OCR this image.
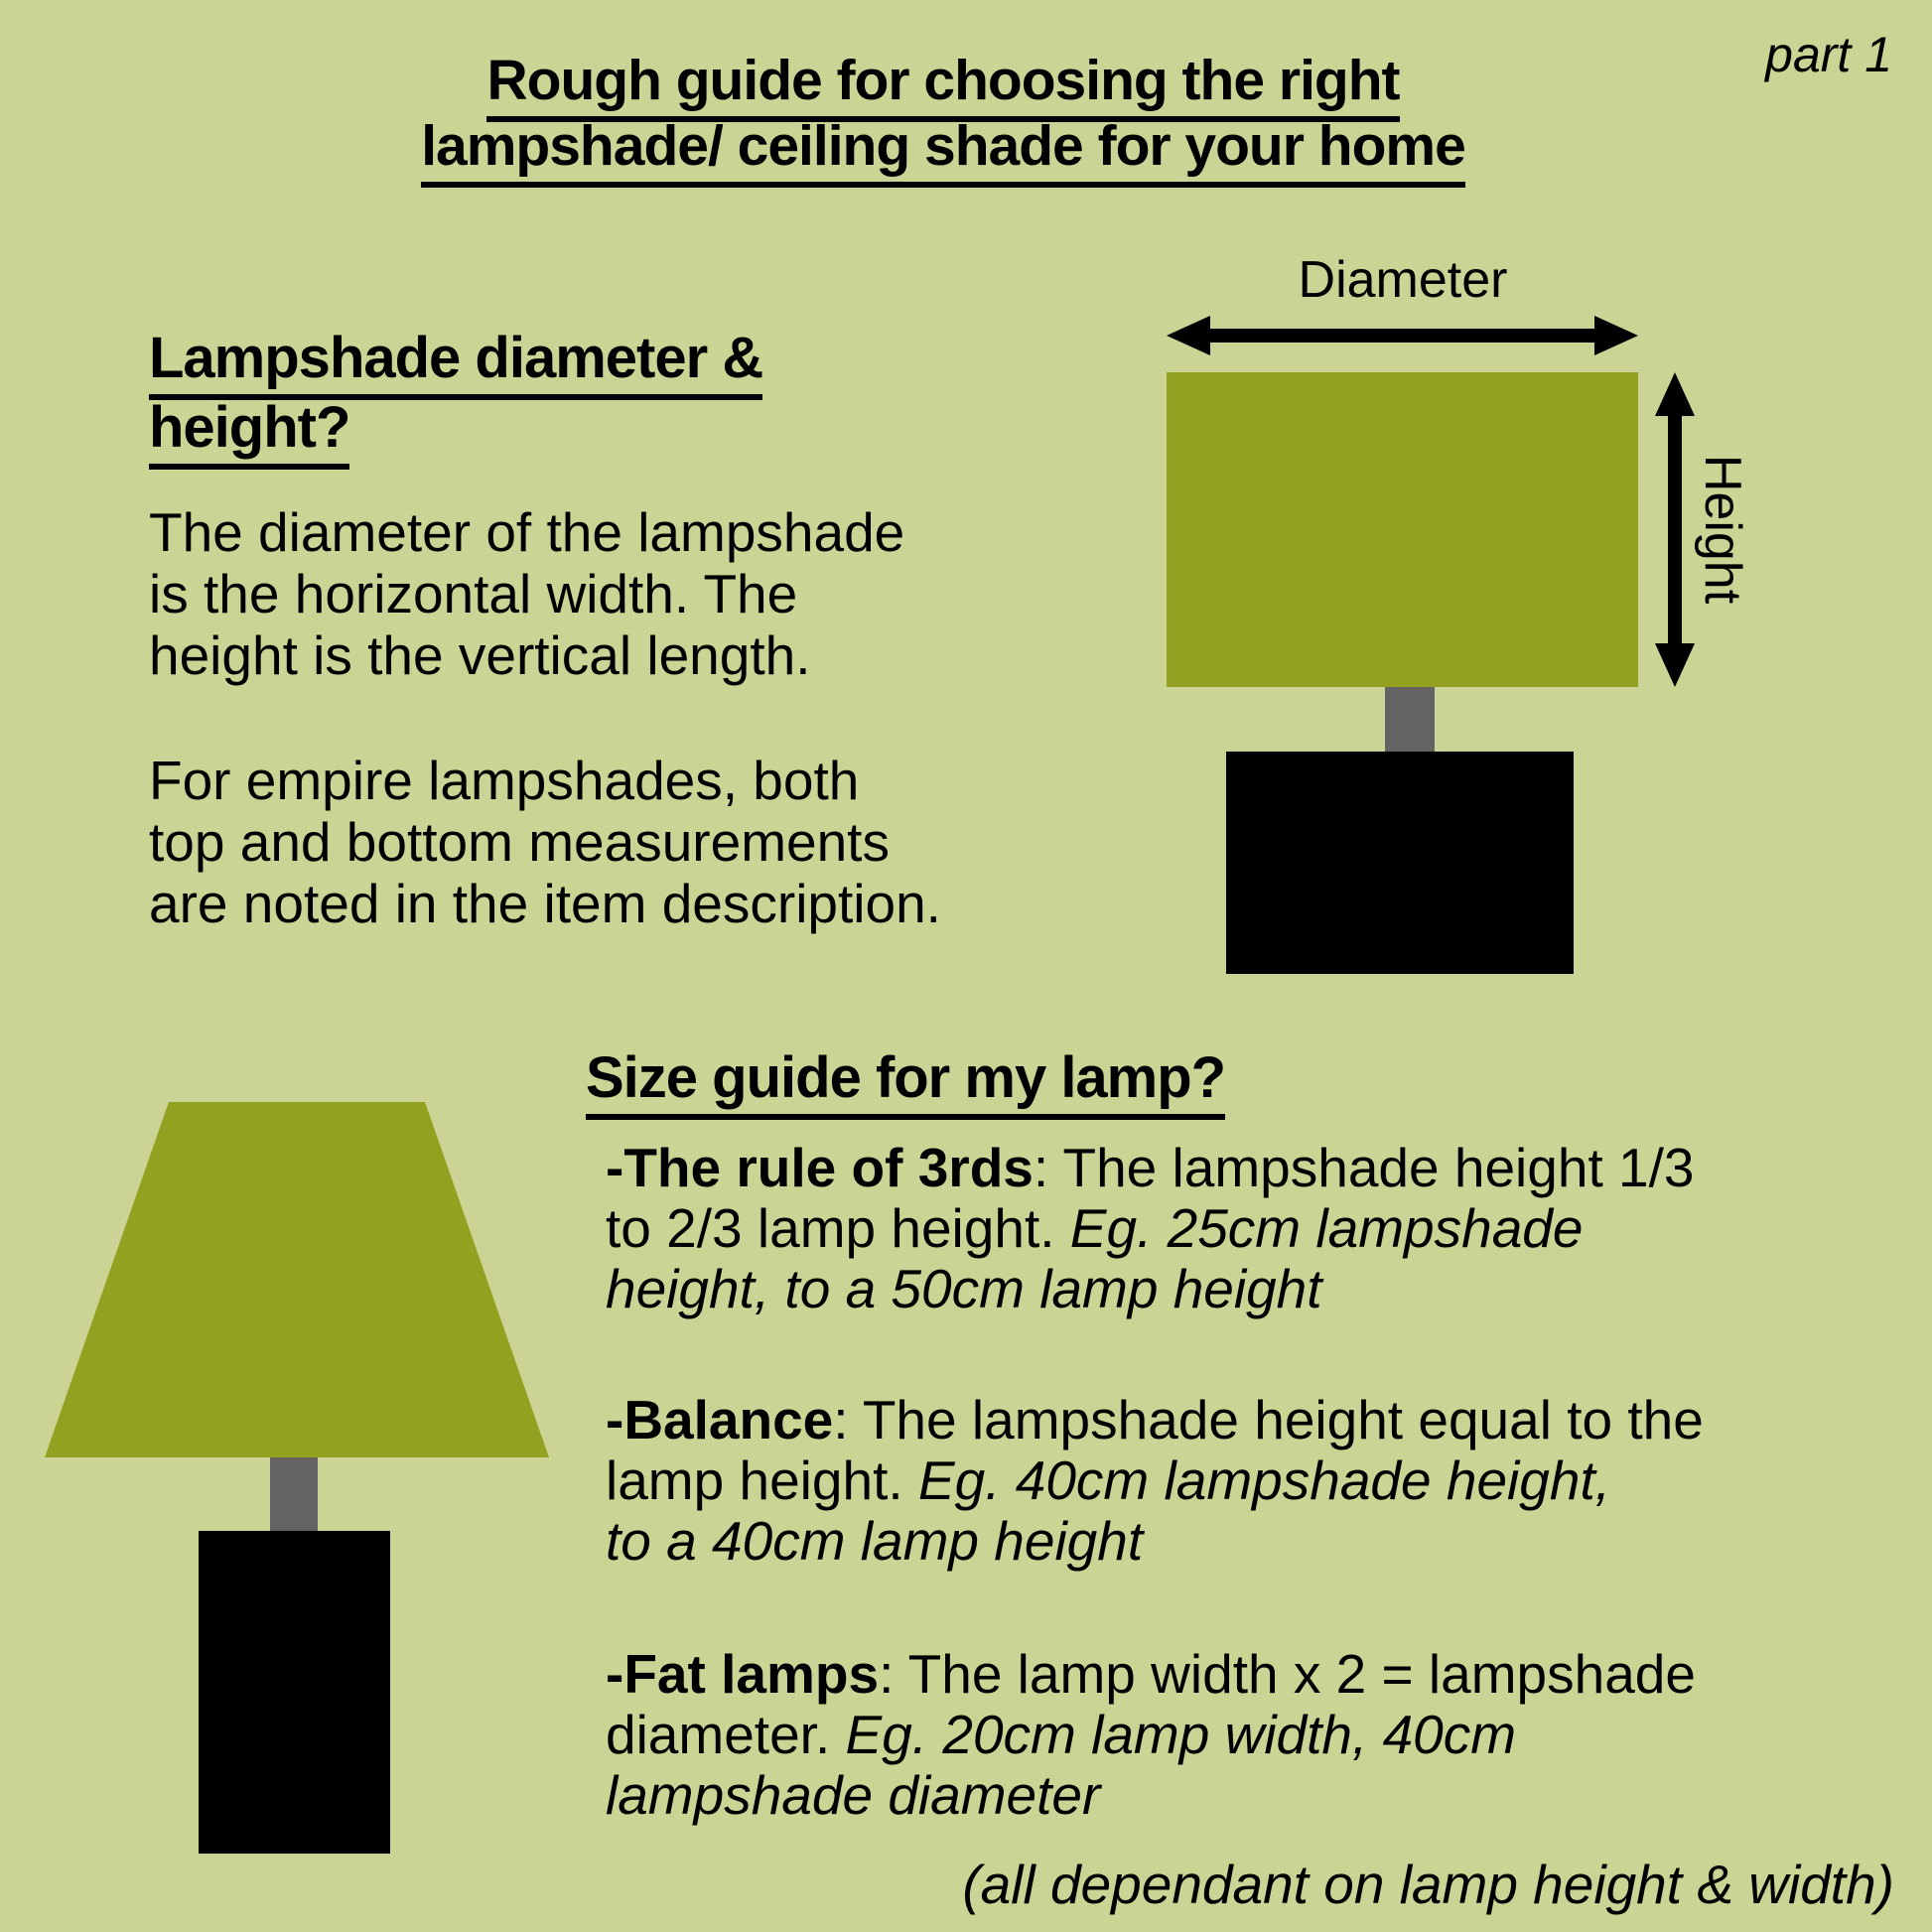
part 1
Rough guide for choosing the right
lampshade/ ceiling shade for your home
Lampshade diameter &
height?
The diameter of the lampshade
is the horizontal width. The
height is the vertical length.
For empire lampshades, both
top and bottom measurements
are noted in the item description.
Diameter
Height
Size guide for my lamp?
-The rule of 3rds: The lampshade height 1/3
to 2/3 lamp height. Eg. 25cm lampshade
height, to a 50cm lamp height
-Balance: The lampshade height equal to the
lamp height. Eg. 40cm lampshade height,
to a 40cm lamp height
-Fat lamps: The lamp width x 2 = lampshade
diameter. Eg. 20cm lamp width, 40cm
lampshade diameter
(all dependant on lamp height & width)
